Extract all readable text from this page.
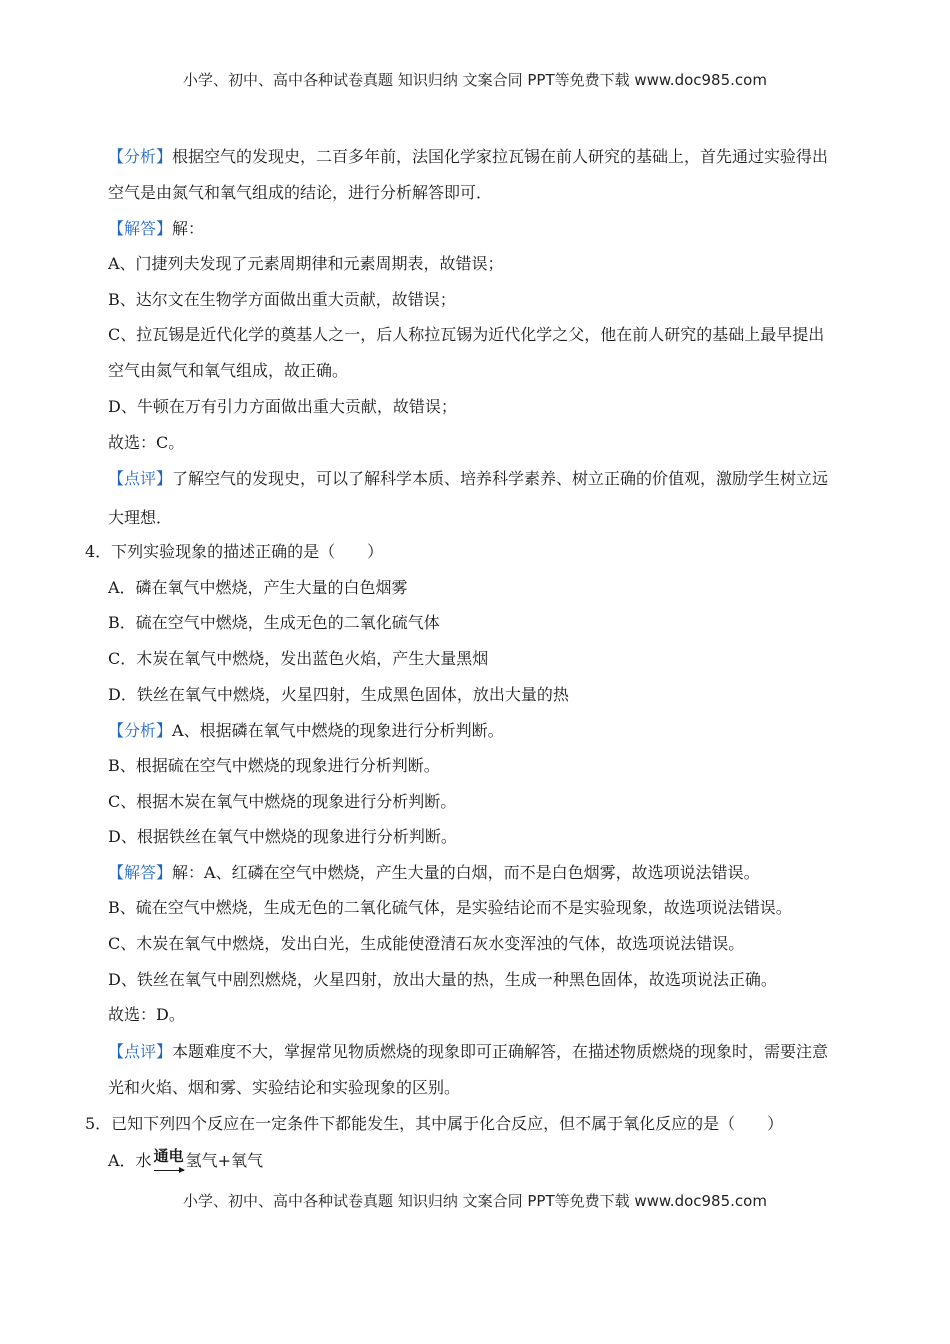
小学、初中、高中各种试卷真题 知识归纳 文案合同 PPT等免费下载 www.doc985.com
【分析】根据空气的发现史，二百多年前，法国化学家拉瓦锡在前人研究的基础上，首先通过实验得出
空气是由氮气和氧气组成的结论，进行分析解答即可．
【解答】解：
A、门捷列夫发现了元素周期律和元素周期表，故错误；
B、达尔文在生物学方面做出重大贡献，故错误；
C、拉瓦锡是近代化学的奠基人之一，后人称拉瓦锡为近代化学之父，他在前人研究的基础上最早提出
空气由氮气和氧气组成，故正确。
D、牛顿在万有引力方面做出重大贡献，故错误；
故选：C。
【点评】了解空气的发现史，可以了解科学本质、培养科学素养、树立正确的价值观，激励学生树立远
大理想．
4．下列实验现象的描述正确的是（　　）
A．磷在氧气中燃烧，产生大量的白色烟雾
B．硫在空气中燃烧，生成无色的二氧化硫气体
C．木炭在氧气中燃烧，发出蓝色火焰，产生大量黑烟
D．铁丝在氧气中燃烧，火星四射，生成黑色固体，放出大量的热
【分析】A、根据磷在氧气中燃烧的现象进行分析判断。
B、根据硫在空气中燃烧的现象进行分析判断。
C、根据木炭在氧气中燃烧的现象进行分析判断。
D、根据铁丝在氧气中燃烧的现象进行分析判断。
【解答】解：A、红磷在空气中燃烧，产生大量的白烟，而不是白色烟雾，故选项说法错误。
B、硫在空气中燃烧，生成无色的二氧化硫气体，是实验结论而不是实验现象，故选项说法错误。
C、木炭在氧气中燃烧，发出白光，生成能使澄清石灰水变浑浊的气体，故选项说法错误。
D、铁丝在氧气中剧烈燃烧，火星四射，放出大量的热，生成一种黑色固体，故选项说法正确。
故选：D。
【点评】本题难度不大，掌握常见物质燃烧的现象即可正确解答，在描述物质燃烧的现象时，需要注意
光和火焰、烟和雾、实验结论和实验现象的区别。
5．已知下列四个反应在一定条件下都能发生，其中属于化合反应，但不属于氧化反应的是（　　）
A．水 通电 氢气+氧气
小学、初中、高中各种试卷真题 知识归纳 文案合同 PPT等免费下载 www.doc985.com
